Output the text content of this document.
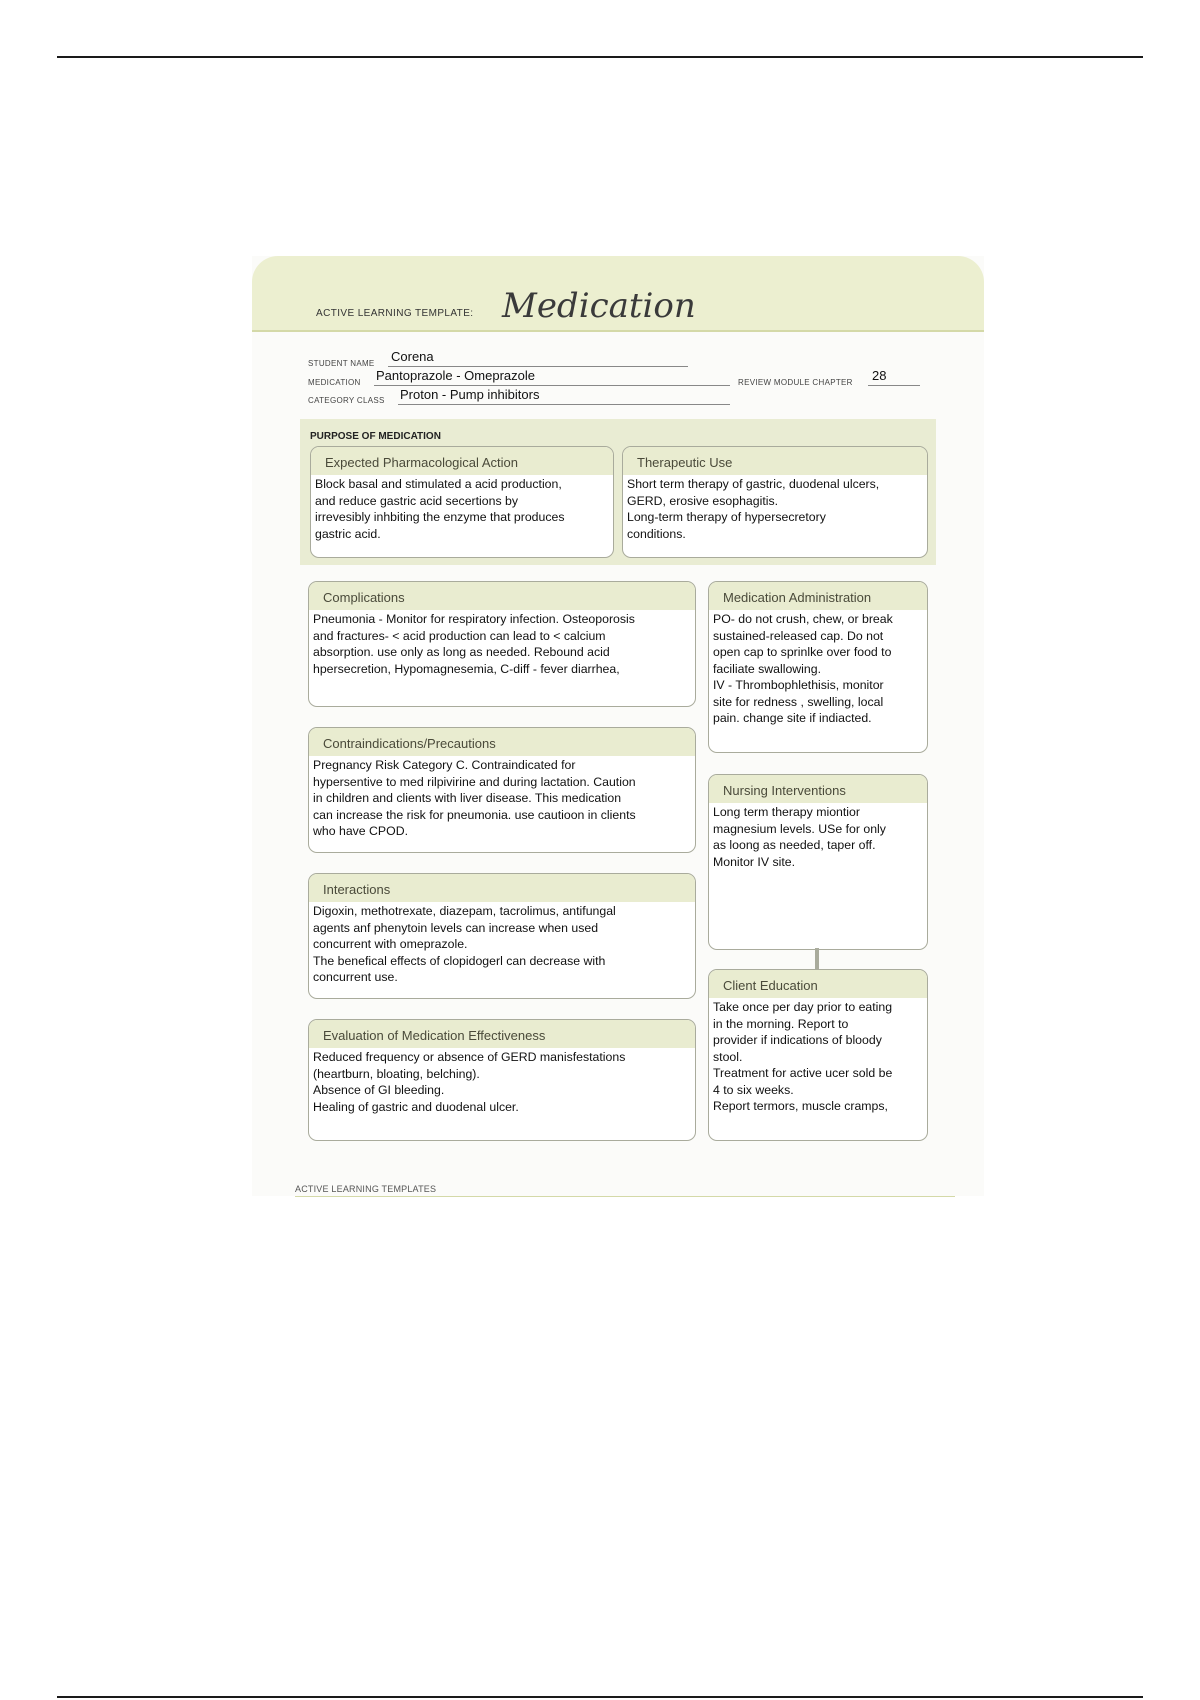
ACTIVE LEARNING TEMPLATE: Medication
STUDENT NAME Corena
MEDICATION Pantoprazole - Omeprazole	REVIEW MODULE CHAPTER 28
CATEGORY CLASS Proton - Pump inhibitors
PURPOSE OF MEDICATION
Expected Pharmacological Action
Block basal and stimulated a acid production,
and reduce gastric acid secertions by
irrevesibly inhbiting the enzyme that produces
gastric acid.
Therapeutic Use
Short term therapy of gastric, duodenal ulcers,
GERD, erosive esophagitis.
Long-term therapy of hypersecretory
conditions.
Complications
Pneumonia - Monitor for respiratory infection. Osteoporosis
and fractures- < acid production can lead to < calcium
absorption. use only as long as needed. Rebound acid
hpersecretion, Hypomagnesemia, C-diff - fever diarrhea,
Medication Administration
PO- do not crush, chew, or break
sustained-released cap. Do not
open cap to sprinlke over food to
faciliate swallowing.
IV - Thrombophlethisis, monitor
site for redness , swelling, local
pain. change site if indiacted.
Contraindications/Precautions
Pregnancy Risk Category C. Contraindicated for
hypersentive to med rilpivirine and during lactation. Caution
in children and clients with liver disease. This medication
can increase the risk for pneumonia. use cautioon in clients
who have CPOD.
Nursing Interventions
Long term therapy miontior
magnesium levels. USe for only
as loong as needed, taper off.
Monitor IV site.
Interactions
Digoxin, methotrexate, diazepam, tacrolimus, antifungal
agents anf phenytoin levels can increase when used
concurrent with omeprazole.
The benefical effects of clopidogerl can decrease with
concurrent use.
Client Education
Take once per day prior to eating
in the morning. Report to
provider if indications of bloody
stool.
Treatment for active ucer sold be
4 to six weeks.
Report termors, muscle cramps,
Evaluation of Medication Effectiveness
Reduced frequency or absence of GERD manisfestations
(heartburn, bloating, belching).
Absence of GI bleeding.
Healing of gastric and duodenal ulcer.
ACTIVE LEARNING TEMPLATES
